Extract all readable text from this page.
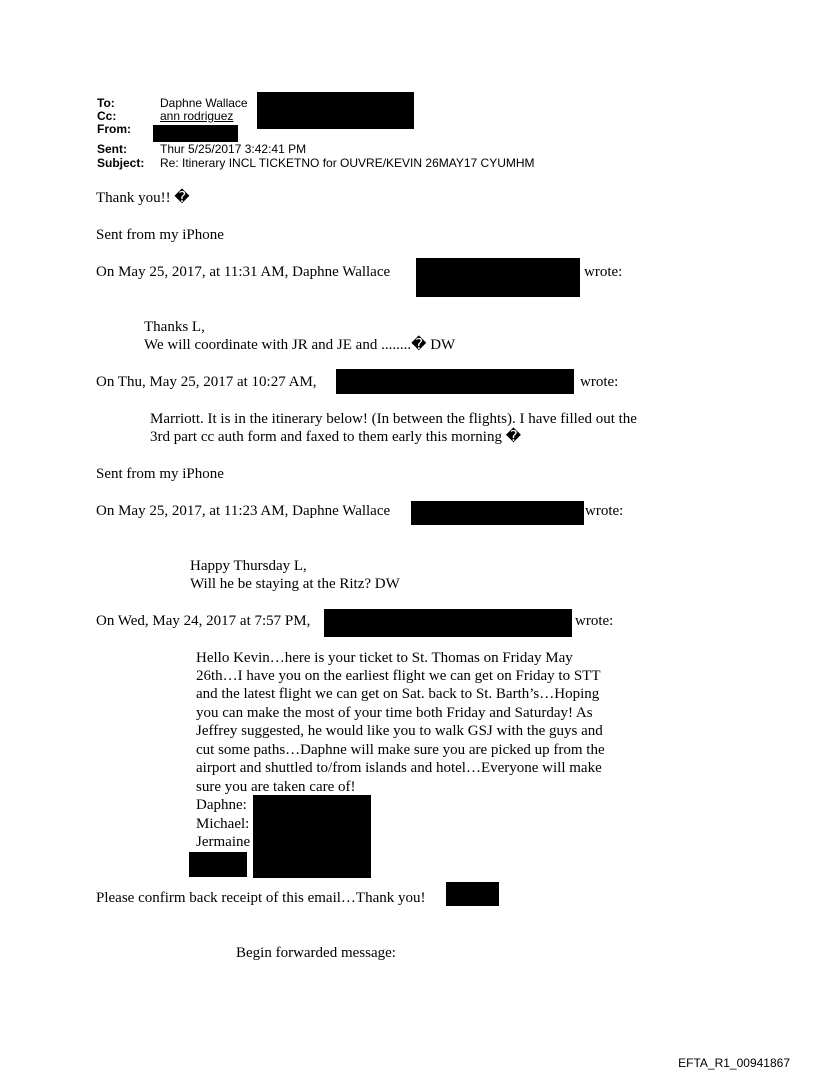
To:	Daphne Wallace
Cc:	ann rodriguez
From:
Sent:	Thur 5/25/2017 3:42:41 PM
Subject: Re: Itinerary INCL TICKETNO for OUVRE/KEVIN 26MAY17 CYUMHM
Thank you!! �
Sent from my iPhone
On May 25, 2017, at 11:31 AM, Daphne Wallace	wrote:
Thanks L,
We will coordinate with JR and JE and ........� DW
On Thu, May 25, 2017 at 10:27 AM,	wrote:
Marriott. It is in the itinerary below! (In between the flights). I have filled out the
3rd part cc auth form and faxed to them early this morning �
Sent from my iPhone
On May 25, 2017, at 11:23 AM, Daphne Wallace	wrote:
Happy Thursday L,
Will he be staying at the Ritz? DW
On Wed, May 24, 2017 at 7:57 PM,	wrote:
Hello Kevin…here is your ticket to St. Thomas on Friday May
26th…I have you on the earliest flight we can get on Friday to STT
and the latest flight we can get on Sat. back to St. Barth’s…Hoping
you can make the most of your time both Friday and Saturday! As
Jeffrey suggested, he would like you to walk GSJ with the guys and
cut some paths…Daphne will make sure you are picked up from the
airport and shuttled to/from islands and hotel…Everyone will make
sure you are taken care of!
Daphne:
Michael:
Jermaine
Please confirm back receipt of this email…Thank you!
Begin forwarded message:
EFTA_R1_00941867
